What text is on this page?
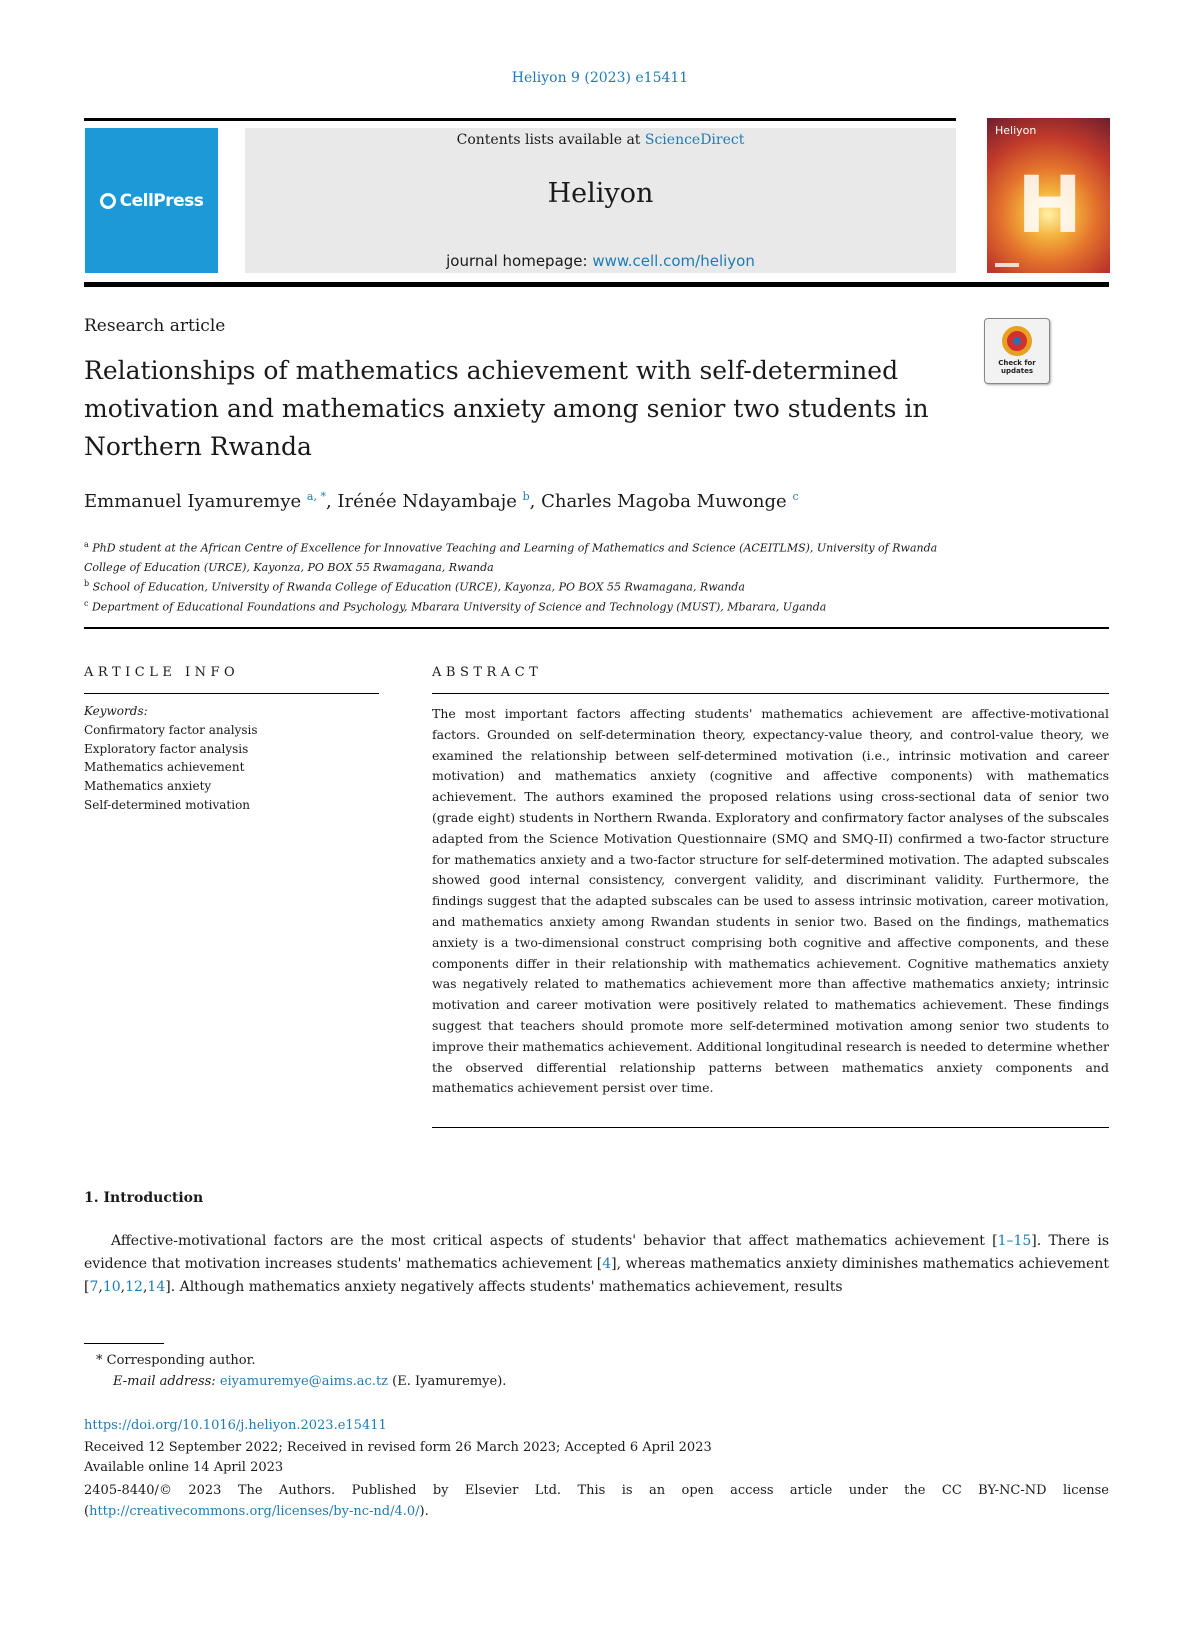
Heliyon 9 (2023) e15411
CellPress
Contents lists available at ScienceDirect
Heliyon
journal homepage: www.cell.com/heliyon
Heliyon
H
Research article
Check for updates
Relationships of mathematics achievement with self-determined motivation and mathematics anxiety among senior two students in Northern Rwanda
Emmanuel Iyamuremye $^{a, *}$, Irénée Ndayambaje $^b$, Charles Magoba Muwonge $^c$
$^a$ PhD student at the African Centre of Excellence for Innovative Teaching and Learning of Mathematics and Science (ACEITLMS), University of Rwanda College of Education (URCE), Kayonza, PO BOX 55 Rwamagana, Rwanda
$^b$ School of Education, University of Rwanda College of Education (URCE), Kayonza, PO BOX 55 Rwamagana, Rwanda
$^c$ Department of Educational Foundations and Psychology, Mbarara University of Science and Technology (MUST), Mbarara, Uganda
ARTICLE INFO
Keywords:
Confirmatory factor analysis
Exploratory factor analysis
Mathematics achievement
Mathematics anxiety
Self-determined motivation
ABSTRACT
The most important factors affecting students' mathematics achievement are affective-motivational factors. Grounded on self-determination theory, expectancy-value theory, and control-value theory, we examined the relationship between self-determined motivation (i.e., intrinsic motivation and career motivation) and mathematics anxiety (cognitive and affective components) with mathematics achievement. The authors examined the proposed relations using cross-sectional data of senior two (grade eight) students in Northern Rwanda. Exploratory and confirmatory factor analyses of the subscales adapted from the Science Motivation Questionnaire (SMQ and SMQ-II) confirmed a two-factor structure for mathematics anxiety and a two-factor structure for self-determined motivation. The adapted subscales showed good internal consistency, convergent validity, and discriminant validity. Furthermore, the findings suggest that the adapted subscales can be used to assess intrinsic motivation, career motivation, and mathematics anxiety among Rwandan students in senior two. Based on the findings, mathematics anxiety is a two-dimensional construct comprising both cognitive and affective components, and these components differ in their relationship with mathematics achievement. Cognitive mathematics anxiety was negatively related to mathematics achievement more than affective mathematics anxiety; intrinsic motivation and career motivation were positively related to mathematics achievement. These findings suggest that teachers should promote more self-determined motivation among senior two students to improve their mathematics achievement. Additional longitudinal research is needed to determine whether the observed differential relationship patterns between mathematics anxiety components and mathematics achievement persist over time.
1. Introduction
Affective-motivational factors are the most critical aspects of students' behavior that affect mathematics achievement [1–15]. There is evidence that motivation increases students' mathematics achievement [4], whereas mathematics anxiety diminishes mathematics achievement [7,10,12,14]. Although mathematics anxiety negatively affects students' mathematics achievement, results
* Corresponding author.
E-mail address: eiyamuremye@aims.ac.tz (E. Iyamuremye).
https://doi.org/10.1016/j.heliyon.2023.e15411
Received 12 September 2022; Received in revised form 26 March 2023; Accepted 6 April 2023
Available online 14 April 2023
2405-8440/© 2023 The Authors. Published by Elsevier Ltd. This is an open access article under the CC BY-NC-ND license (http://creativecommons.org/licenses/by-nc-nd/4.0/).
